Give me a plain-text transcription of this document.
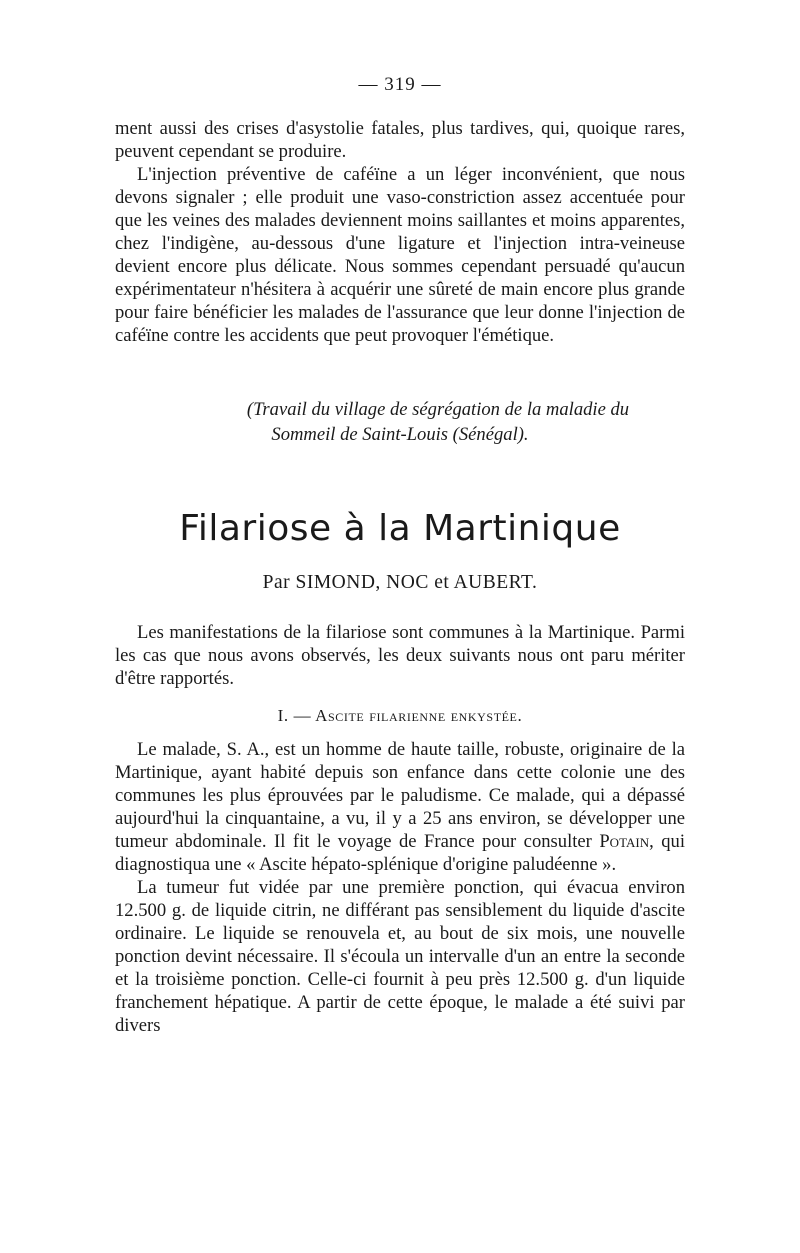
— 319 —

ment aussi des crises d'asystolie fatales, plus tardives, qui, quoique rares, peuvent cependant se produire.

L'injection préventive de caféïne a un léger inconvénient, que nous devons signaler ; elle produit une vaso-constriction assez accentuée pour que les veines des malades deviennent moins saillantes et moins apparentes, chez l'indigène, au-dessous d'une ligature et l'injection intra-veineuse devient encore plus délicate. Nous sommes cependant persuadé qu'aucun expérimentateur n'hésitera à acquérir une sûreté de main encore plus grande pour faire bénéficier les malades de l'assurance que leur donne l'injection de caféïne contre les accidents que peut provoquer l'émétique.

(Travail du village de ségrégation de la maladie du
Sommeil de Saint-Louis (Sénégal).
Filariose à la Martinique
Par SIMOND, NOC et AUBERT.

Les manifestations de la filariose sont communes à la Martinique. Parmi les cas que nous avons observés, les deux suivants nous ont paru mériter d'être rapportés.

I. — Ascite filarienne enkystée.

Le malade, S. A., est un homme de haute taille, robuste, originaire de la Martinique, ayant habité depuis son enfance dans cette colonie une des communes les plus éprouvées par le paludisme. Ce malade, qui a dépassé aujourd'hui la cinquantaine, a vu, il y a 25 ans environ, se développer une tumeur abdominale. Il fit le voyage de France pour consulter Potain, qui diagnostiqua une « Ascite hépato-splénique d'origine paludéenne ».

La tumeur fut vidée par une première ponction, qui évacua environ 12.500 g. de liquide citrin, ne différant pas sensiblement du liquide d'ascite ordinaire. Le liquide se renouvela et, au bout de six mois, une nouvelle ponction devint nécessaire. Il s'écoula un intervalle d'un an entre la seconde et la troisième ponction. Celle-ci fournit à peu près 12.500 g. d'un liquide franchement hépatique. A partir de cette époque, le malade a été suivi par divers
